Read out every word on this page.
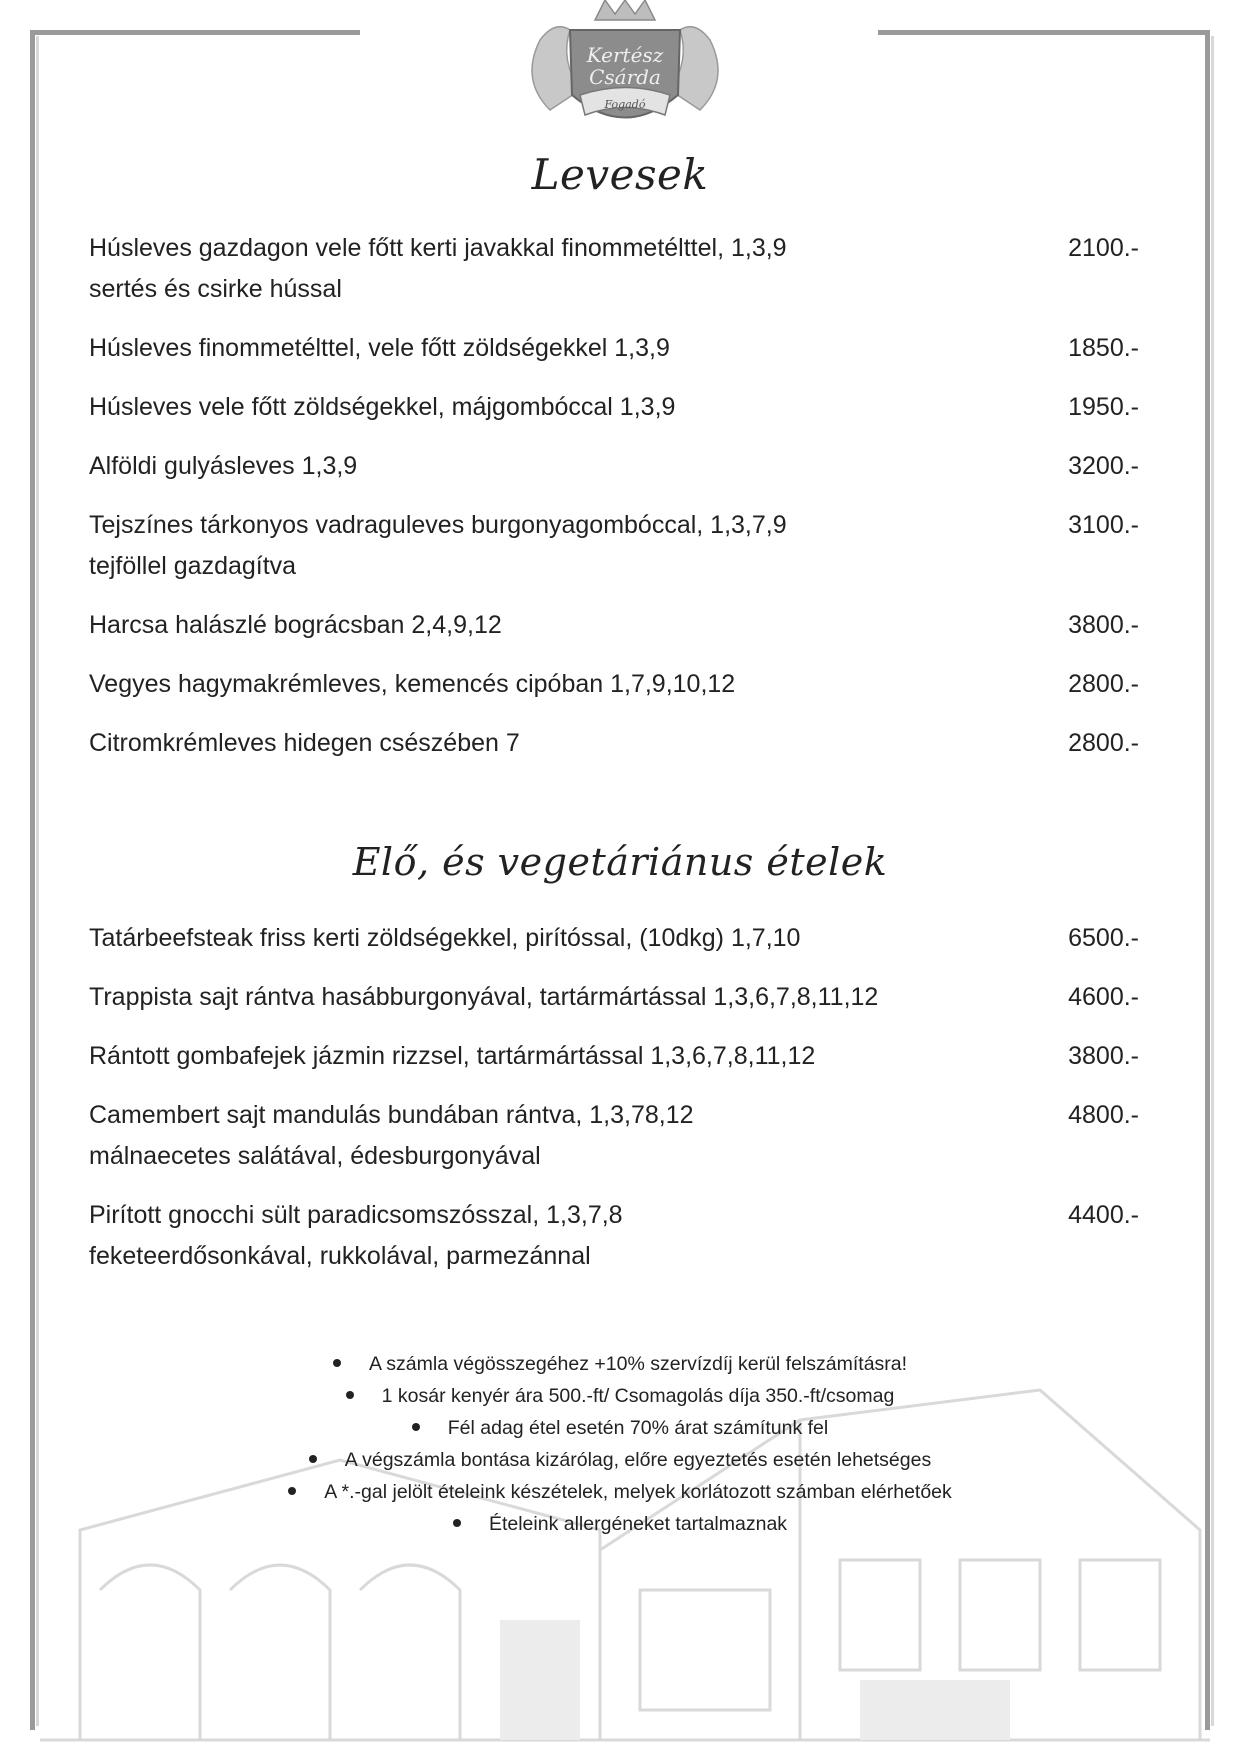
Kertész
Csárda
Fogadó
Levesek
Húsleves gazdagon vele főtt kerti javakkal finommetélttel, 1,3,9
sertés és csirke hússal
2100.-
Húsleves finommetélttel, vele főtt zöldségekkel 1,3,9	1850.-
Húsleves vele főtt zöldségekkel, májgombóccal 1,3,9	1950.-
Alföldi gulyásleves 1,3,9	3200.-
Tejszínes tárkonyos vadraguleves burgonyagombóccal, 1,3,7,9
tejföllel gazdagítva
3100.-
Harcsa halászlé bográcsban 2,4,9,12	3800.-
Vegyes hagymakrémleves, kemencés cipóban 1,7,9,10,12	2800.-
Citromkrémleves hidegen csészében 7	2800.-
Elő, és vegetáriánus ételek
Tatárbeefsteak friss kerti zöldségekkel, pirítóssal, (10dkg) 1,7,10	6500.-
Trappista sajt rántva hasábburgonyával, tartármártással 1,3,6,7,8,11,12	4600.-
Rántott gombafejek jázmin rizzsel, tartármártással 1,3,6,7,8,11,12	3800.-
Camembert sajt mandulás bundában rántva, 1,3,78,12
málnaecetes salátával, édesburgonyával
4800.-
Pirított gnocchi sült paradicsomszósszal, 1,3,7,8
feketeerdősonkával, rukkolával, parmezánnal
4400.-
A számla végösszegéhez +10% szervízdíj kerül felszámításra!
1 kosár kenyér ára 500.-ft/ Csomagolás díja 350.-ft/csomag
Fél adag étel esetén 70% árat számítunk fel
A végszámla bontása kizárólag, előre egyeztetés esetén lehetséges
A *.-gal jelölt ételeink készételek, melyek korlátozott számban elérhetőek
Ételeink allergéneket tartalmaznak
